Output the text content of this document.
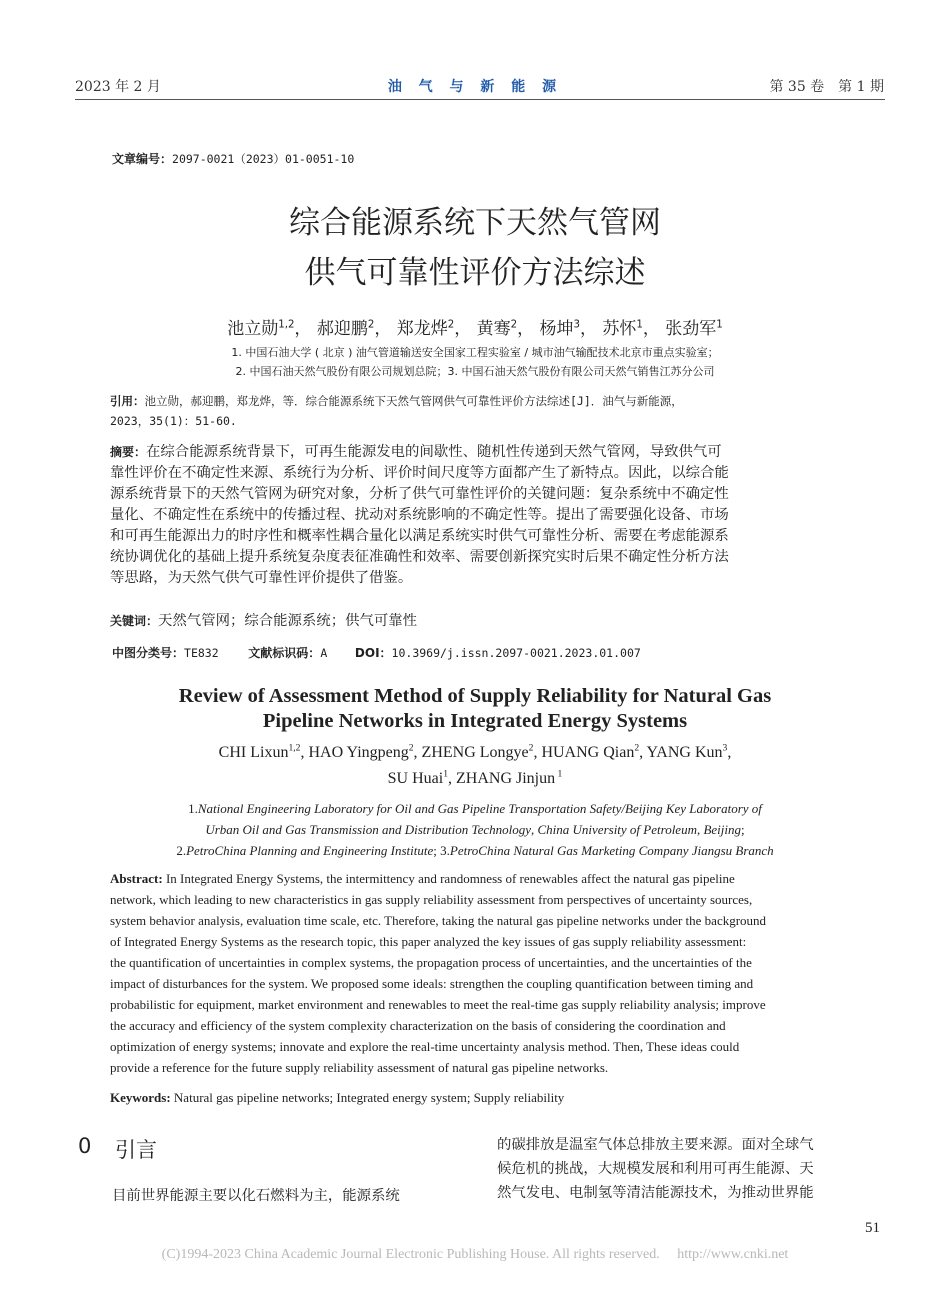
2023 年 2 月	油 气 与 新 能 源	第 35 卷　第 1 期
文章编号：2097-0021（2023）01-0051-10
综合能源系统下天然气管网
供气可靠性评价方法综述
池立勋$^{1,2}$， 郝迎鹏$^2$， 郑龙烨$^2$， 黄骞$^2$， 杨坤$^3$， 苏怀$^1$， 张劲军$^1$
1. 中国石油大学 ( 北京 ) 油气管道输送安全国家工程实验室 / 城市油气输配技术北京市重点实验室；
2. 中国石油天然气股份有限公司规划总院；3. 中国石油天然气股份有限公司天然气销售江苏分公司
引用：池立勋，郝迎鹏，郑龙烨，等．综合能源系统下天然气管网供气可靠性评价方法综述[J]．油气与新能源，
2023，35(1)：51-60.
摘要：在综合能源系统背景下，可再生能源发电的间歇性、随机性传递到天然气管网，导致供气可
靠性评价在不确定性来源、系统行为分析、评价时间尺度等方面都产生了新特点。因此，以综合能
源系统背景下的天然气管网为研究对象，分析了供气可靠性评价的关键问题：复杂系统中不确定性
量化、不确定性在系统中的传播过程、扰动对系统影响的不确定性等。提出了需要强化设备、市场
和可再生能源出力的时序性和概率性耦合量化以满足系统实时供气可靠性分析、需要在考虑能源系
统协调优化的基础上提升系统复杂度表征准确性和效率、需要创新探究实时后果不确定性分析方法
等思路，为天然气供气可靠性评价提供了借鉴。
关键词：天然气管网；综合能源系统；供气可靠性
中图分类号：TE832 文献标识码：A DOI：10.3969/j.issn.2097-0021.2023.01.007
Review of Assessment Method of Supply Reliability for Natural Gas
Pipeline Networks in Integrated Energy Systems
CHI Lixun$^{1,2}$, HAO Yingpeng$^2$, ZHENG Longye$^2$, HUANG Qian$^2$, YANG Kun$^3$,
SU Huai$^1$, ZHANG Jinjun $^1$
1.National Engineering Laboratory for Oil and Gas Pipeline Transportation Safety/Beijing Key Laboratory of
Urban Oil and Gas Transmission and Distribution Technology, China University of Petroleum, Beijing;
2.PetroChina Planning and Engineering Institute; 3.PetroChina Natural Gas Marketing Company Jiangsu Branch
Abstract: In Integrated Energy Systems, the intermittency and randomness of renewables affect the natural gas pipeline
network, which leading to new characteristics in gas supply reliability assessment from perspectives of uncertainty sources,
system behavior analysis, evaluation time scale, etc. Therefore, taking the natural gas pipeline networks under the background
of Integrated Energy Systems as the research topic, this paper analyzed the key issues of gas supply reliability assessment:
the quantification of uncertainties in complex systems, the propagation process of uncertainties, and the uncertainties of the
impact of disturbances for the system. We proposed some ideals: strengthen the coupling quantification between timing and
probabilistic for equipment, market environment and renewables to meet the real-time gas supply reliability analysis; improve
the accuracy and efficiency of the system complexity characterization on the basis of considering the coordination and
optimization of energy systems; innovate and explore the real-time uncertainty analysis method. Then, These ideas could
provide a reference for the future supply reliability assessment of natural gas pipeline networks.
Keywords: Natural gas pipeline networks; Integrated energy system; Supply reliability
0 引言
目前世界能源主要以化石燃料为主，能源系统
的碳排放是温室气体总排放主要来源。面对全球气
候危机的挑战，大规模发展和利用可再生能源、天
然气发电、电制氢等清洁能源技术，为推动世界能
51
(C)1994-2023 China Academic Journal Electronic Publishing House. All rights reserved.　 http://www.cnki.net
